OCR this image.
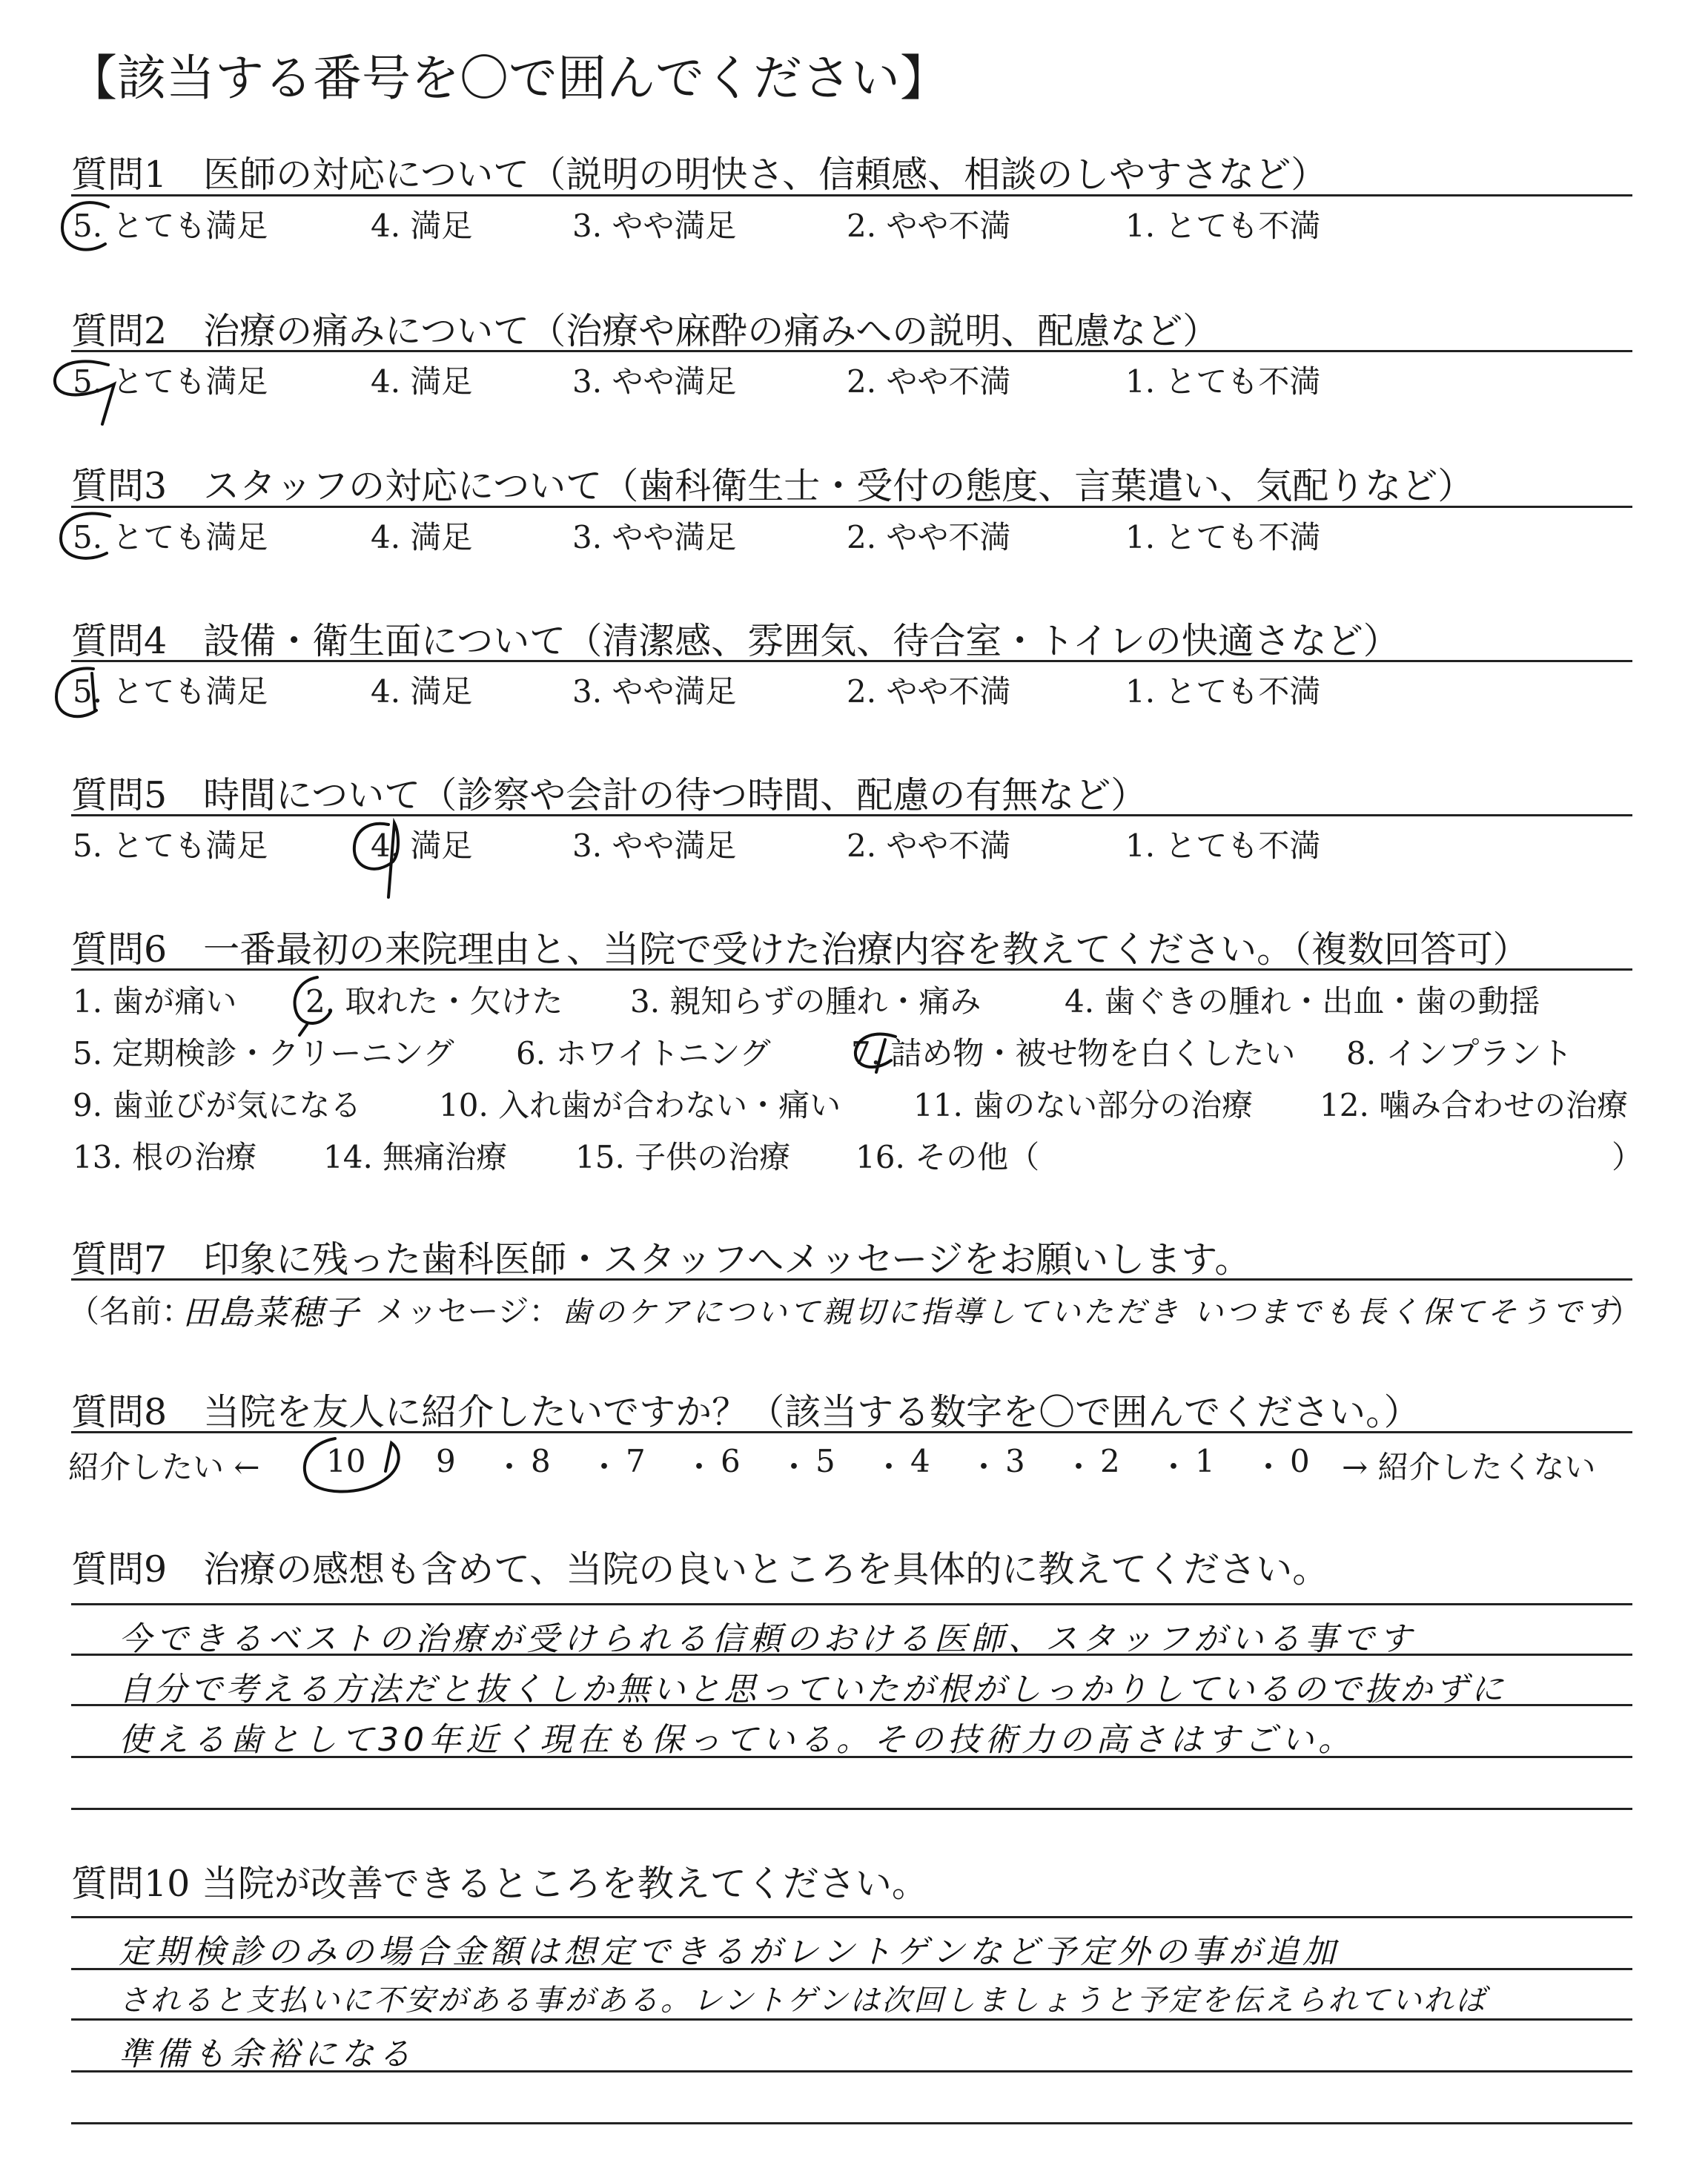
【該当する番号を〇で囲んでください】
質問1　医師の対応について（説明の明快さ、信頼感、相談のしやすさなど）
5. とても満足	4. 満足	3. やや満足	2. やや不満	1. とても不満
質問2　治療の痛みについて（治療や麻酔の痛みへの説明、配慮など）
5. とても満足	4. 満足	3. やや満足	2. やや不満	1. とても不満
質問3　スタッフの対応について（歯科衛生士・受付の態度、言葉遣い、気配りなど）
5. とても満足	4. 満足	3. やや満足	2. やや不満	1. とても不満
質問4　設備・衛生面について（清潔感、雰囲気、待合室・トイレの快適さなど）
5. とても満足	4. 満足	3. やや満足	2. やや不満	1. とても不満
質問5　時間について（診察や会計の待つ時間、配慮の有無など）
5. とても満足	4. 満足	3. やや満足	2. やや不満	1. とても不満
質問6　一番最初の来院理由と、当院で受けた治療内容を教えてください。（複数回答可）
1. 歯が痛い 2. 取れた・欠けた 3. 親知らずの腫れ・痛み	4. 歯ぐきの腫れ・出血・歯の動揺
5. 定期検診・クリーニング 6. ホワイトニング	7. 詰め物・被せ物を白くしたい 8. インプラント
9. 歯並びが気になる 10. 入れ歯が合わない・痛い 11. 歯のない部分の治療 12. 噛み合わせの治療
13. 根の治療 14. 無痛治療 15. 子供の治療 16. その他（	）
質問7　印象に残った歯科医師・スタッフへメッセージをお願いします。
（名前：
田島菜穂子 メッセージ： 歯のケアについて親切に指導していただき いつまでも長く保てそうです
）
質問8　当院を友人に紹介したいですか？（該当する数字を〇で囲んでください。）
紹介したい ← 10 9 ・ 8 ・ 7 ・ 6 ・ 5 ・ 4 ・ 3 ・ 2 ・ 1 ・ 0 → 紹介したくない
質問9　治療の感想も含めて、当院の良いところを具体的に教えてください。
今できるベストの治療が受けられる信頼のおける医師、スタッフがいる事です
自分で考える方法だと抜くしか無いと思っていたが根がしっかりしているので抜かずに
使える歯として30年近く現在も保っている。その技術力の高さはすごい。
質問10 当院が改善できるところを教えてください。
定期検診のみの場合金額は想定できるがレントゲンなど予定外の事が追加
されると支払いに不安がある事がある。レントゲンは次回しましょうと予定を伝えられていれば
準備も余裕になる
